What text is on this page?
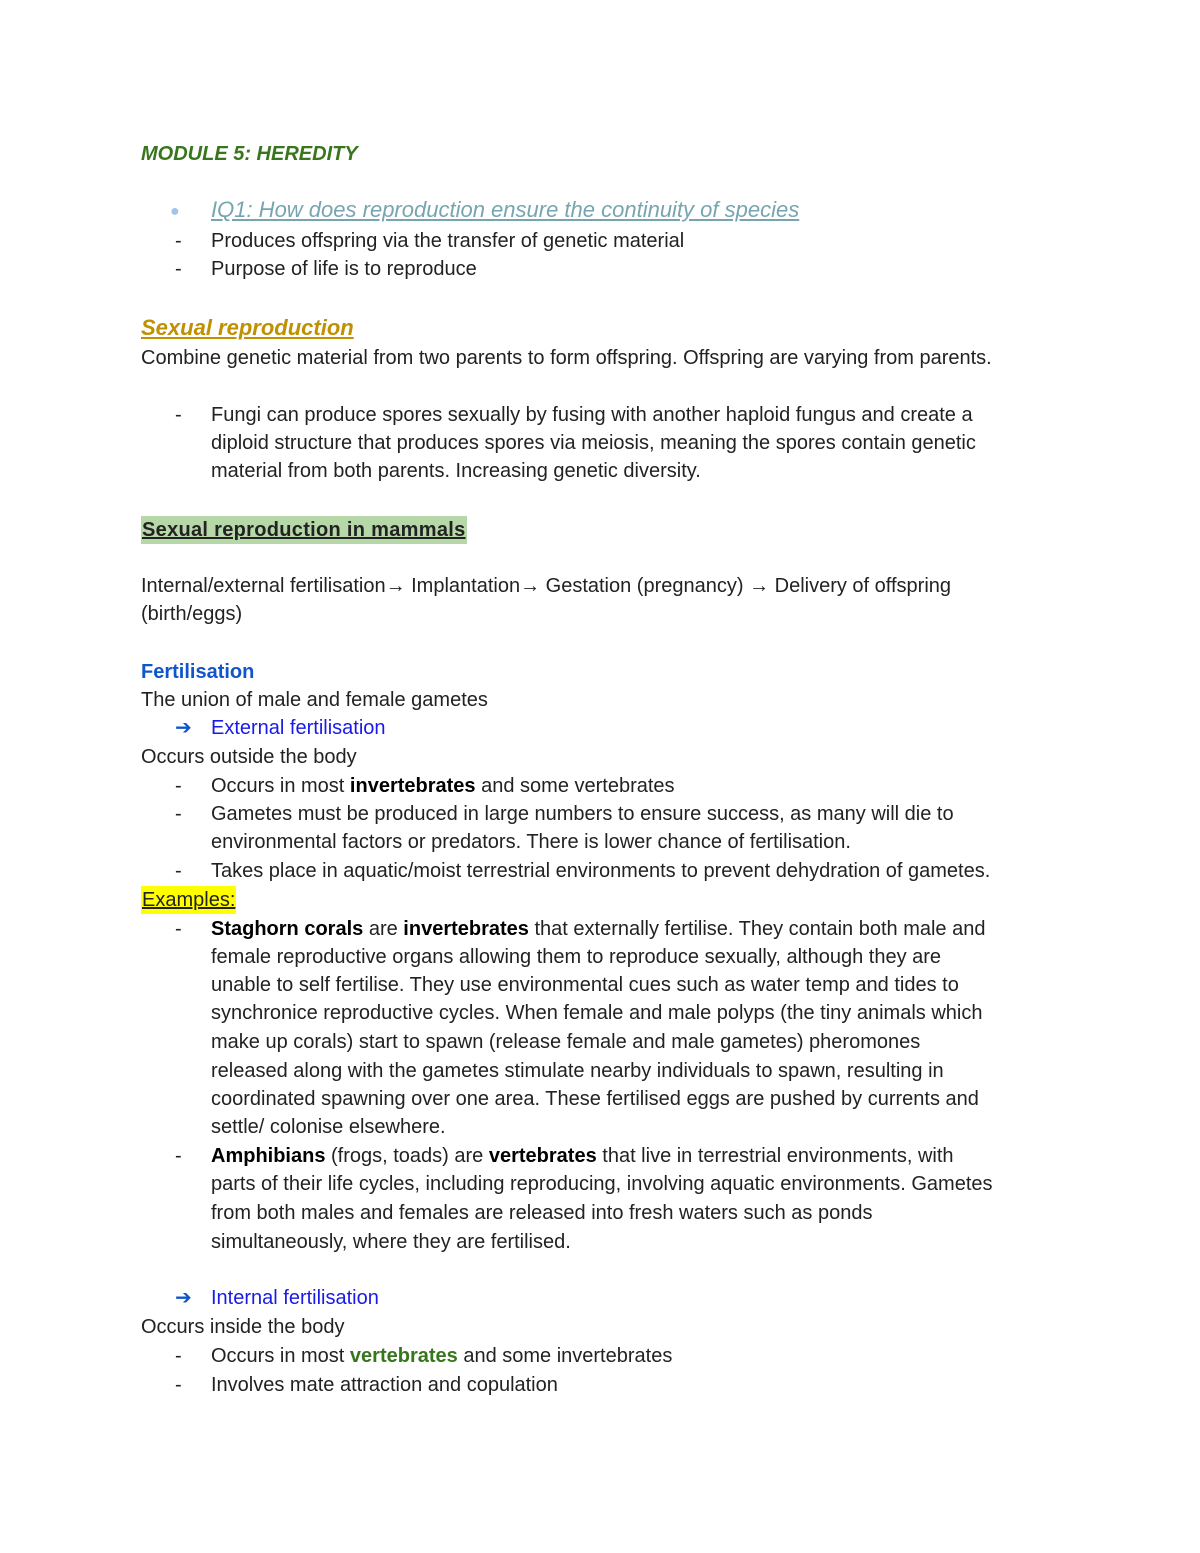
MODULE 5: HEREDITY
● IQ1: How does reproduction ensure the continuity of species
- Produces offspring via the transfer of genetic material
- Purpose of life is to reproduce
Sexual reproduction
Combine genetic material from two parents to form offspring. Offspring are varying from parents.
- Fungi can produce spores sexually by fusing with another haploid fungus and create a
diploid structure that produces spores via meiosis, meaning the spores contain genetic
material from both parents. Increasing genetic diversity.
Sexual reproduction in mammals
Internal/external fertilisation→ Implantation→ Gestation (pregnancy) → Delivery of offspring
(birth/eggs)
Fertilisation
The union of male and female gametes
➔ External fertilisation
Occurs outside the body
- Occurs in most invertebrates and some vertebrates
- Gametes must be produced in large numbers to ensure success, as many will die to
environmental factors or predators. There is lower chance of fertilisation.
- Takes place in aquatic/moist terrestrial environments to prevent dehydration of gametes.
Examples:
- Staghorn corals are invertebrates that externally fertilise. They contain both male and
female reproductive organs allowing them to reproduce sexually, although they are
unable to self fertilise. They use environmental cues such as water temp and tides to
synchronice reproductive cycles. When female and male polyps (the tiny animals which
make up corals) start to spawn (release female and male gametes) pheromones
released along with the gametes stimulate nearby individuals to spawn, resulting in
coordinated spawning over one area. These fertilised eggs are pushed by currents and
settle/ colonise elsewhere.
- Amphibians (frogs, toads) are vertebrates that live in terrestrial environments, with
parts of their life cycles, including reproducing, involving aquatic environments. Gametes
from both males and females are released into fresh waters such as ponds
simultaneously, where they are fertilised.
➔ Internal fertilisation
Occurs inside the body
- Occurs in most vertebrates and some invertebrates
- Involves mate attraction and copulation
